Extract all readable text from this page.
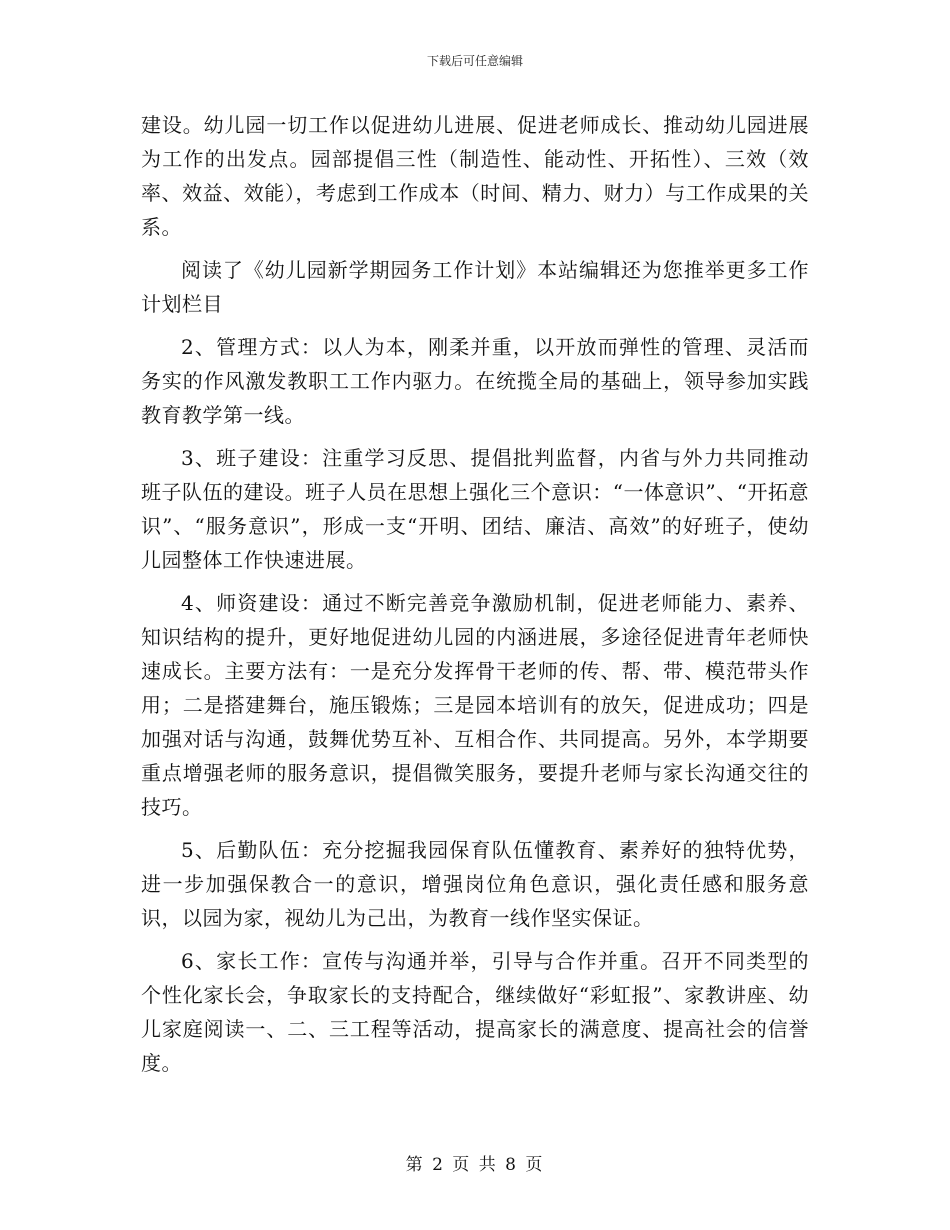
下载后可任意编辑

建设。幼儿园一切工作以促进幼儿进展、促进老师成长、推动幼儿园进展为工作的出发点。园部提倡三性（制造性、能动性、开拓性）、三效（效率、效益、效能），考虑到工作成本（时间、精力、财力）与工作成果的关系。

阅读了《幼儿园新学期园务工作计划》本站编辑还为您推举更多工作计划栏目

2、管理方式：以人为本，刚柔并重，以开放而弹性的管理、灵活而务实的作风激发教职工工作内驱力。在统揽全局的基础上，领导参加实践教育教学第一线。

3、班子建设：注重学习反思、提倡批判监督，内省与外力共同推动班子队伍的建设。班子人员在思想上强化三个意识：“一体意识”、“开拓意识”、“服务意识”，形成一支“开明、团结、廉洁、高效”的好班子，使幼儿园整体工作快速进展。

4、师资建设：通过不断完善竞争激励机制，促进老师能力、素养、知识结构的提升，更好地促进幼儿园的内涵进展，多途径促进青年老师快速成长。主要方法有：一是充分发挥骨干老师的传、帮、带、模范带头作用；二是搭建舞台，施压锻炼；三是园本培训有的放矢，促进成功；四是加强对话与沟通，鼓舞优势互补、互相合作、共同提高。另外，本学期要重点增强老师的服务意识，提倡微笑服务，要提升老师与家长沟通交往的技巧。

5、后勤队伍：充分挖掘我园保育队伍懂教育、素养好的独特优势，进一步加强保教合一的意识，增强岗位角色意识，强化责任感和服务意识，以园为家，视幼儿为己出，为教育一线作坚实保证。

6、家长工作：宣传与沟通并举，引导与合作并重。召开不同类型的个性化家长会，争取家长的支持配合，继续做好“彩虹报”、家教讲座、幼儿家庭阅读一、二、三工程等活动，提高家长的满意度、提高社会的信誉度。

第 2 页 共 8 页
